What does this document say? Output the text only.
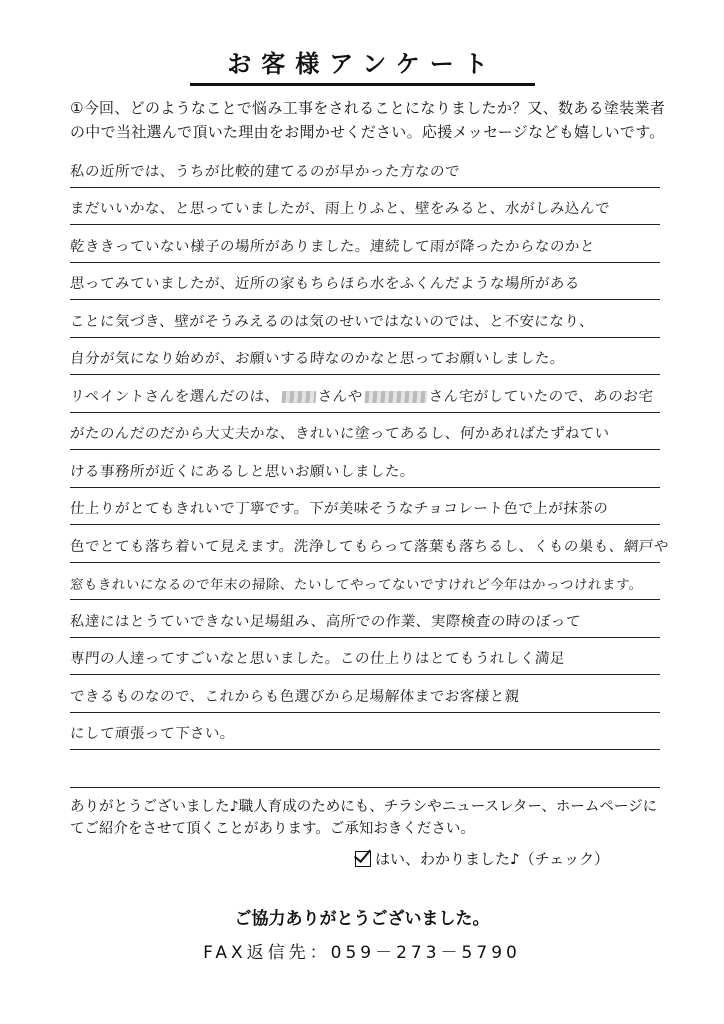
お客様アンケート
①今回、どのようなことで悩み工事をされることになりましたか？又、数ある塗装業者の中で当社選んで頂いた理由をお聞かせください。応援メッセージなども嬉しいです。
私の近所では、うちが比較的建てるのが早かった方なので
まだいいかな、と思っていましたが、雨上りふと、壁をみると、水がしみ込んで
乾ききっていない様子の場所がありました。連続して雨が降ったからなのかと
思ってみていましたが、近所の家もちらほら水をふくんだような場所がある
ことに気づき、壁がそうみえるのは気のせいではないのでは、と不安になり、
自分が気になり始めが、お願いする時なのかなと思ってお願いしました。
リペイントさんを選んだのは、	さんや	さん宅がしていたので、あのお宅
がたのんだのだから大丈夫かな、きれいに塗ってあるし、何かあればたずねてい
ける事務所が近くにあるしと思いお願いしました。
仕上りがとてもきれいで丁寧です。下が美味そうなチョコレート色で上が抹茶の
色でとても落ち着いて見えます。洗浄してもらって落葉も落ちるし、くもの巣も、網戸や
窓もきれいになるので年末の掃除、たいしてやってないですけれど今年はかっつけれます。
私達にはとうていできない足場組み、高所での作業、実際検査の時のぼって
専門の人達ってすごいなと思いました。この仕上りはとてもうれしく満足
できるものなので、これからも色選びから足場解体までお客様と親
にして頑張って下さい。
ありがとうございました♪職人育成のためにも、チラシやニュースレター、ホームページにてご紹介をさせて頂くことがあります。ご承知おきください。
はい、わかりました♪（チェック）
ご協力ありがとうございました。
FAX返信先：059－273－5790
